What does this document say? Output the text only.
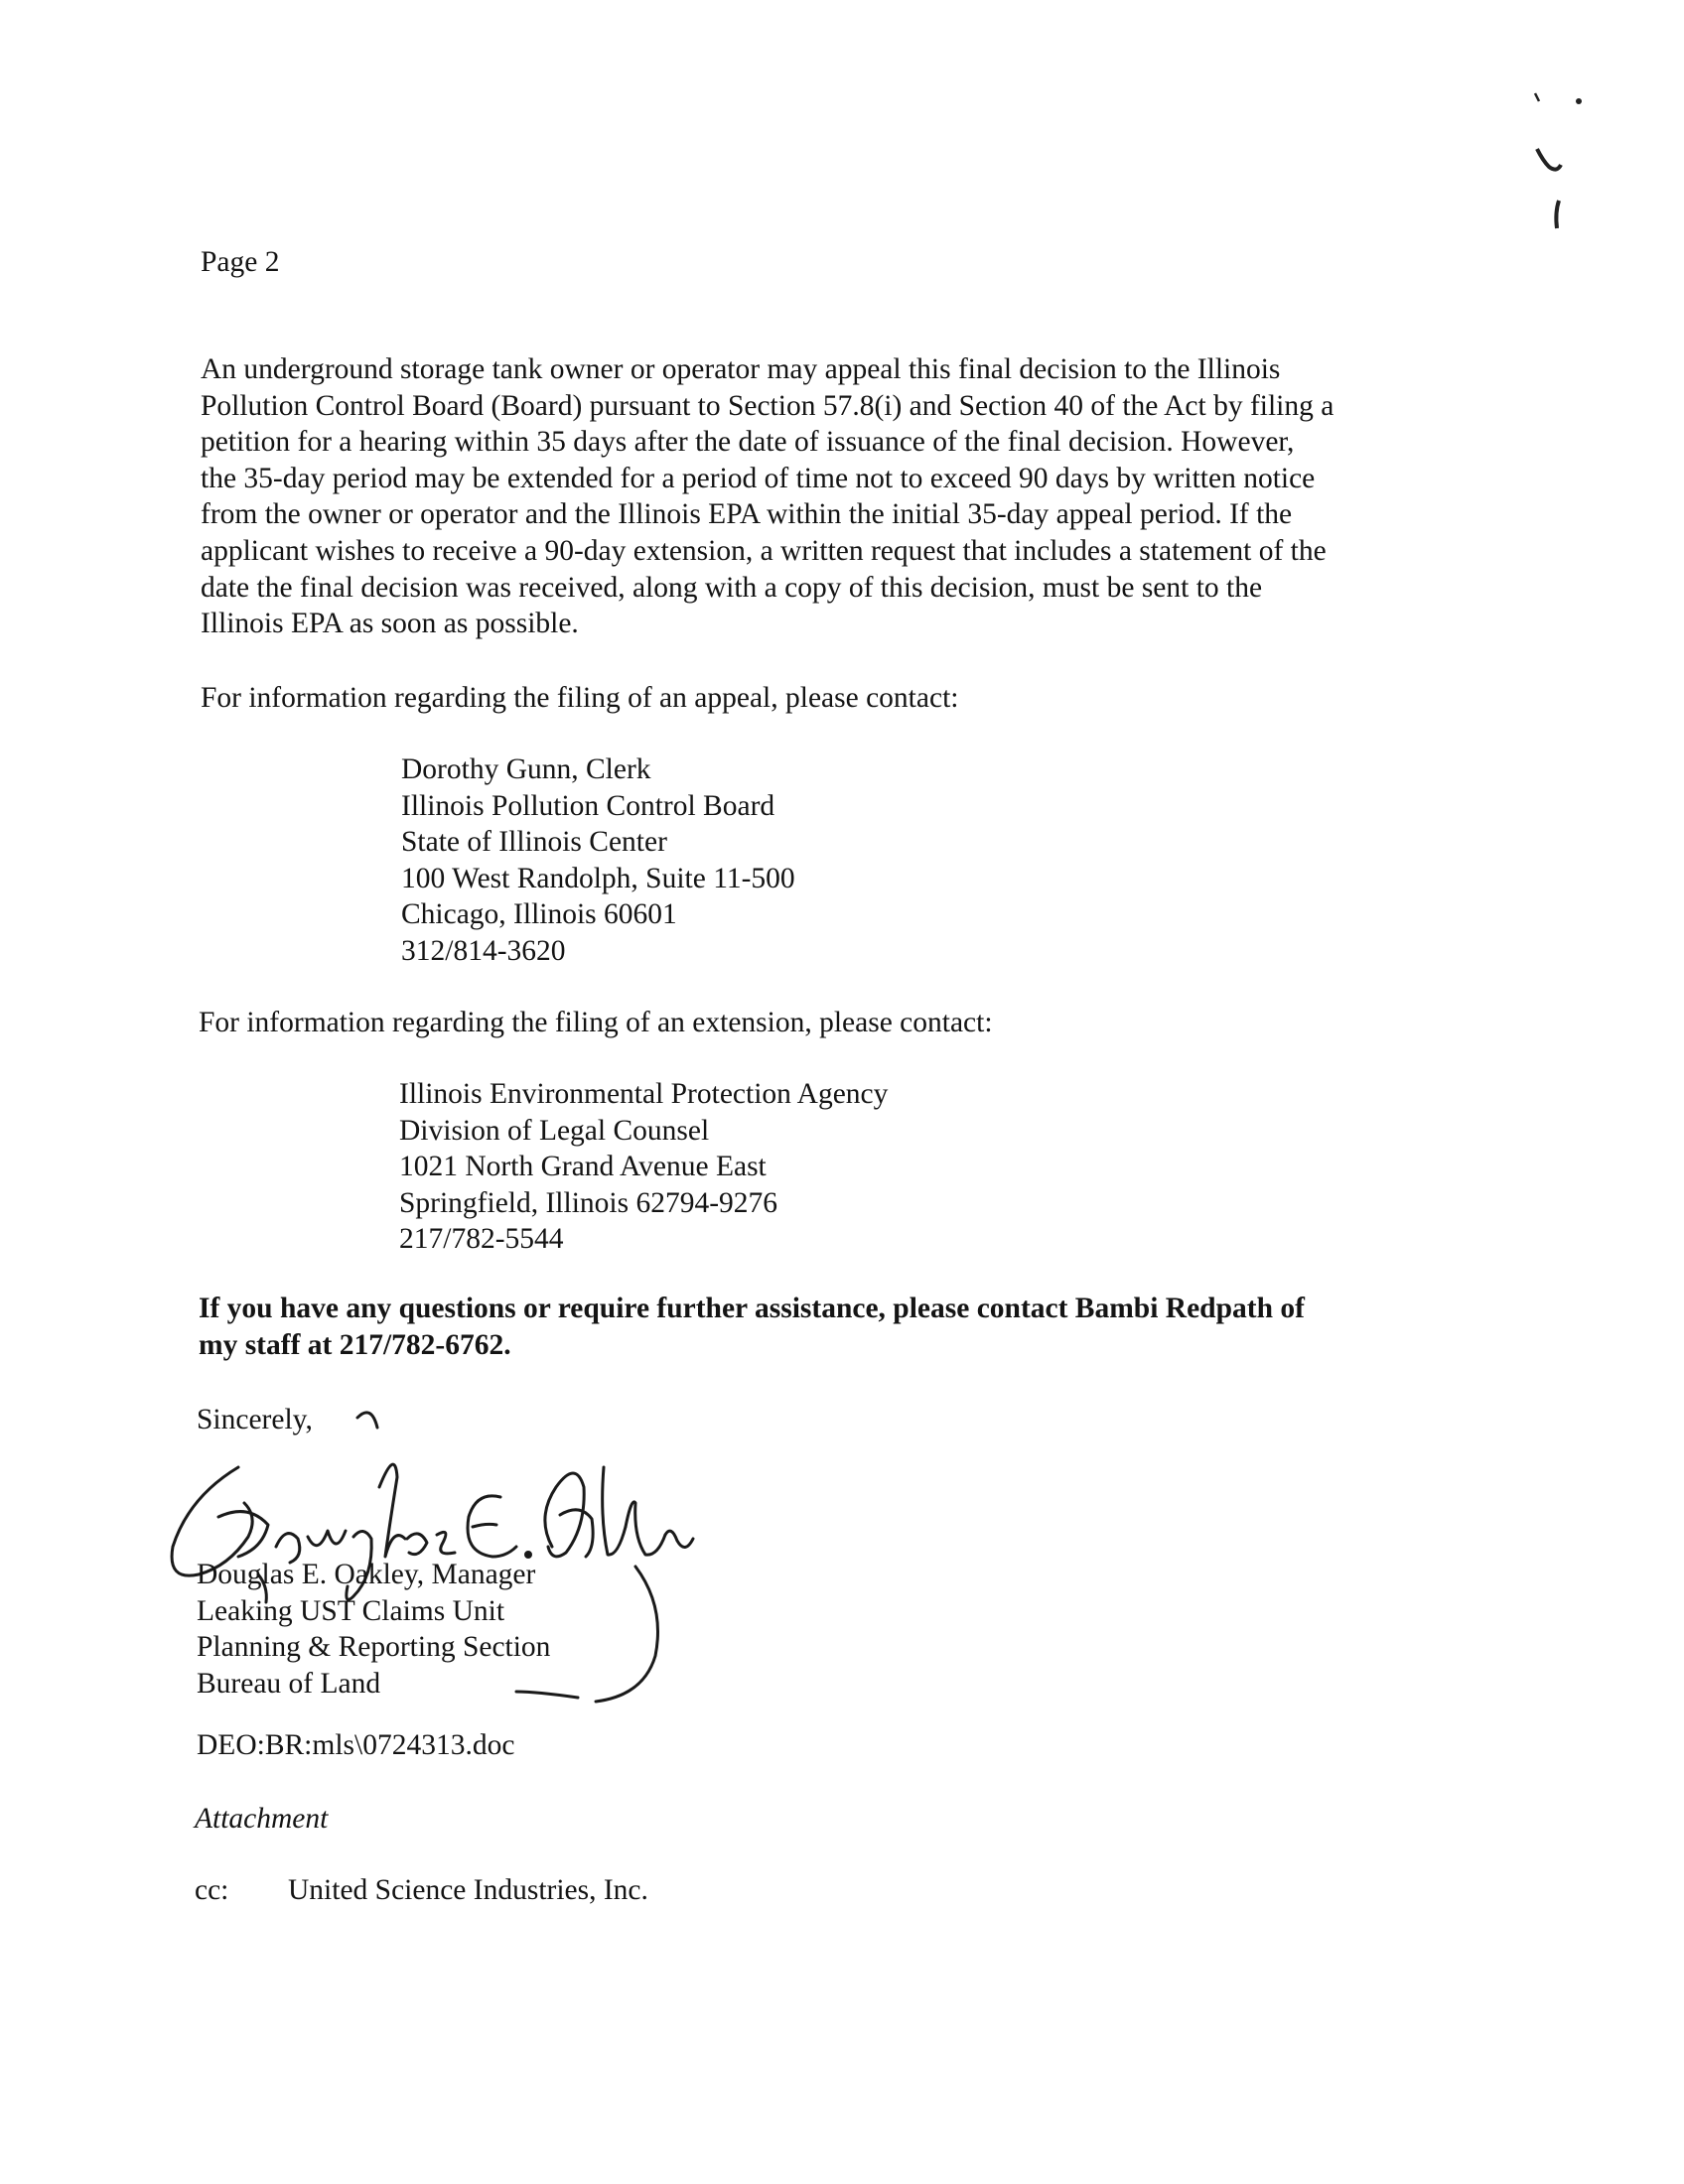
Page 2
An underground storage tank owner or operator may appeal this final decision to the Illinois
Pollution Control Board (Board) pursuant to Section 57.8(i) and Section 40 of the Act by filing a
petition for a hearing within 35 days after the date of issuance of the final decision. However,
the 35-day period may be extended for a period of time not to exceed 90 days by written notice
from the owner or operator and the Illinois EPA within the initial 35-day appeal period. If the
applicant wishes to receive a 90-day extension, a written request that includes a statement of the
date the final decision was received, along with a copy of this decision, must be sent to the
Illinois EPA as soon as possible.
For information regarding the filing of an appeal, please contact:
Dorothy Gunn, Clerk
Illinois Pollution Control Board
State of Illinois Center
100 West Randolph, Suite 11-500
Chicago, Illinois 60601
312/814-3620
For information regarding the filing of an extension, please contact:
Illinois Environmental Protection Agency
Division of Legal Counsel
1021 North Grand Avenue East
Springfield, Illinois 62794-9276
217/782-5544
If you have any questions or require further assistance, please contact Bambi Redpath of
my staff at 217/782-6762.
Sincerely,
Douglas E. Oakley, Manager
Leaking UST Claims Unit
Planning & Reporting Section
Bureau of Land
DEO:BR:mls\0724313.doc
Attachment
cc: United Science Industries, Inc.
